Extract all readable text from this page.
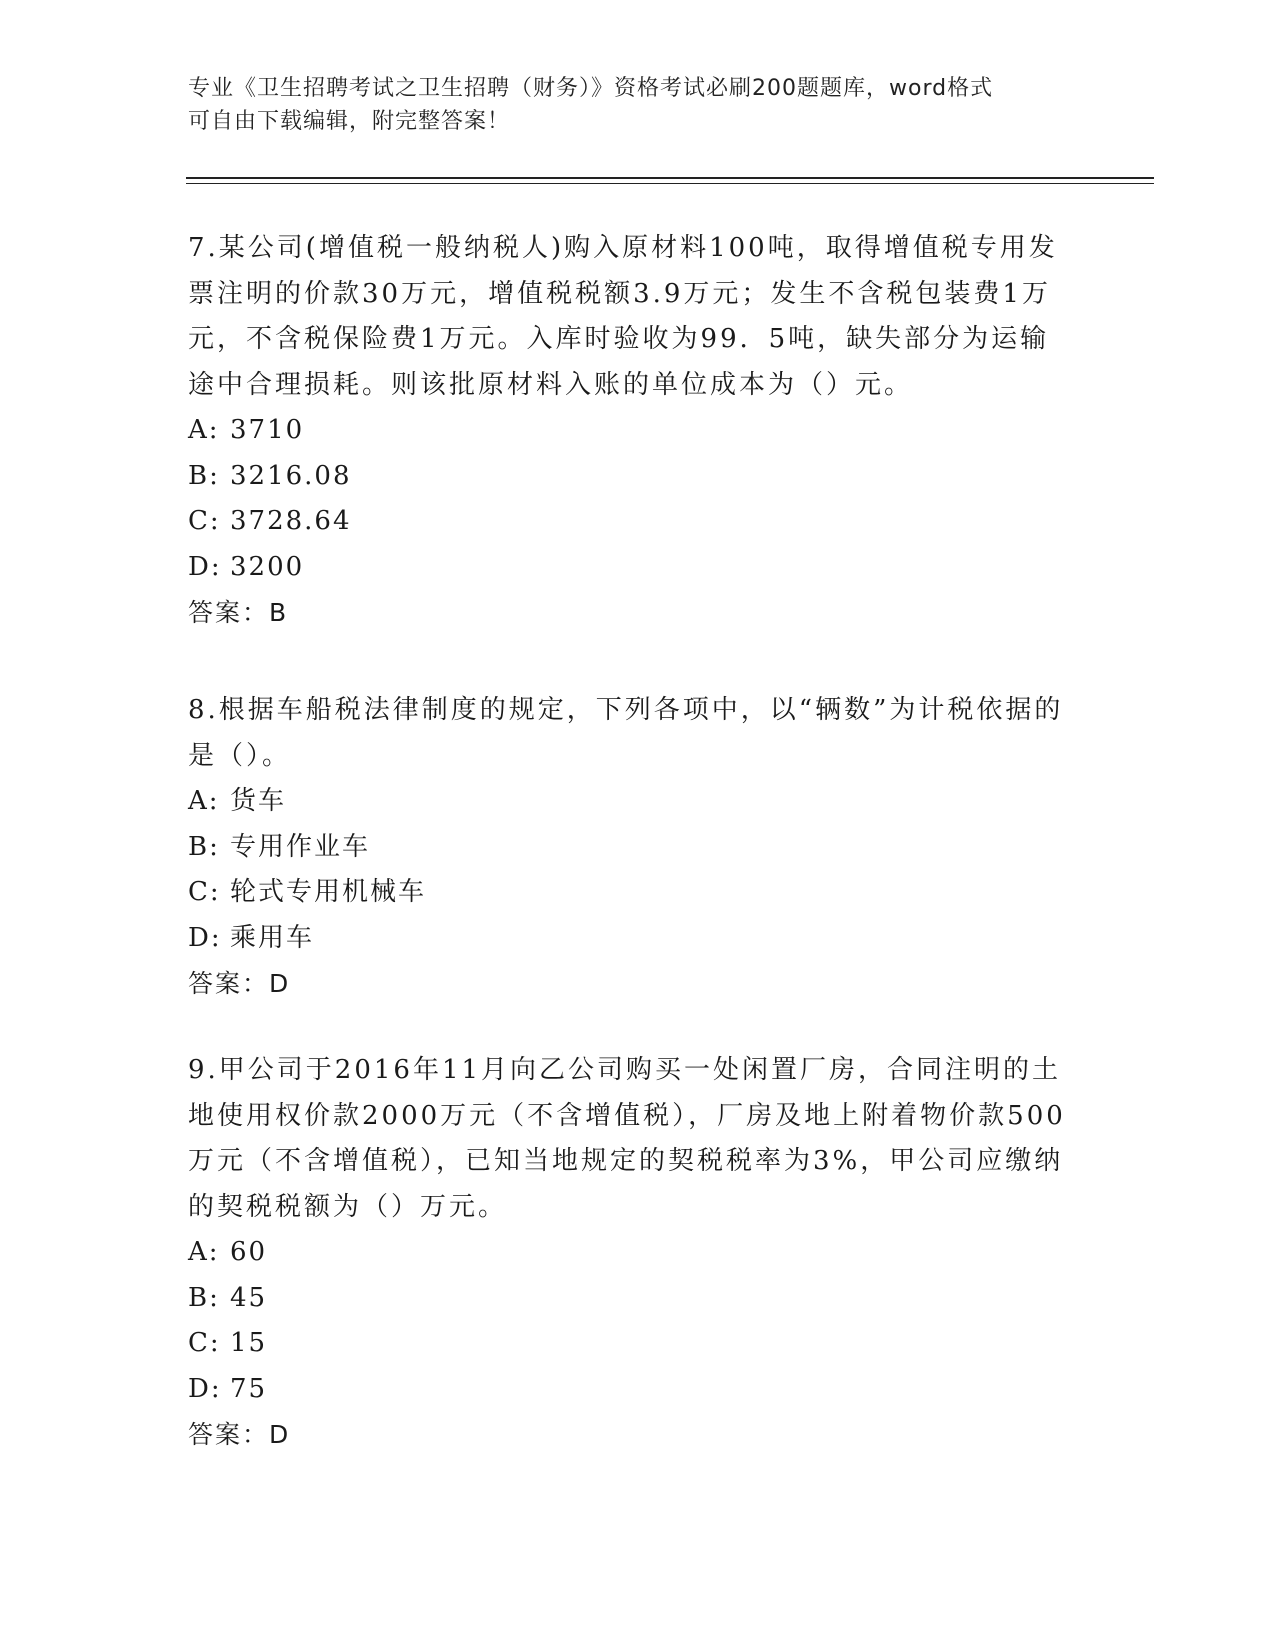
专业《卫生招聘考试之卫生招聘（财务）》资格考试必刷200题题库，word格式

可自由下载编辑，附完整答案！

7.某公司(增值税一般纳税人)购入原材料100吨，取得增值税专用发票注明的价款30万元，增值税税额3.9万元；发生不含税包装费1万元，不含税保险费1万元。入库时验收为99．5吨，缺失部分为运输途中合理损耗。则该批原材料入账的单位成本为（）元。

A: 3710

B: 3216.08

C: 3728.64

D: 3200

答案：B

8.根据车船税法律制度的规定，下列各项中，以“辆数”为计税依据的是（）。

A: 货车

B: 专用作业车

C: 轮式专用机械车

D: 乘用车

答案：D

9.甲公司于2016年11月向乙公司购买一处闲置厂房，合同注明的土地使用权价款2000万元（不含增值税），厂房及地上附着物价款500万元（不含增值税），已知当地规定的契税税率为3%，甲公司应缴纳的契税税额为（）万元。

A: 60

B: 45

C: 15

D: 75

答案：D
